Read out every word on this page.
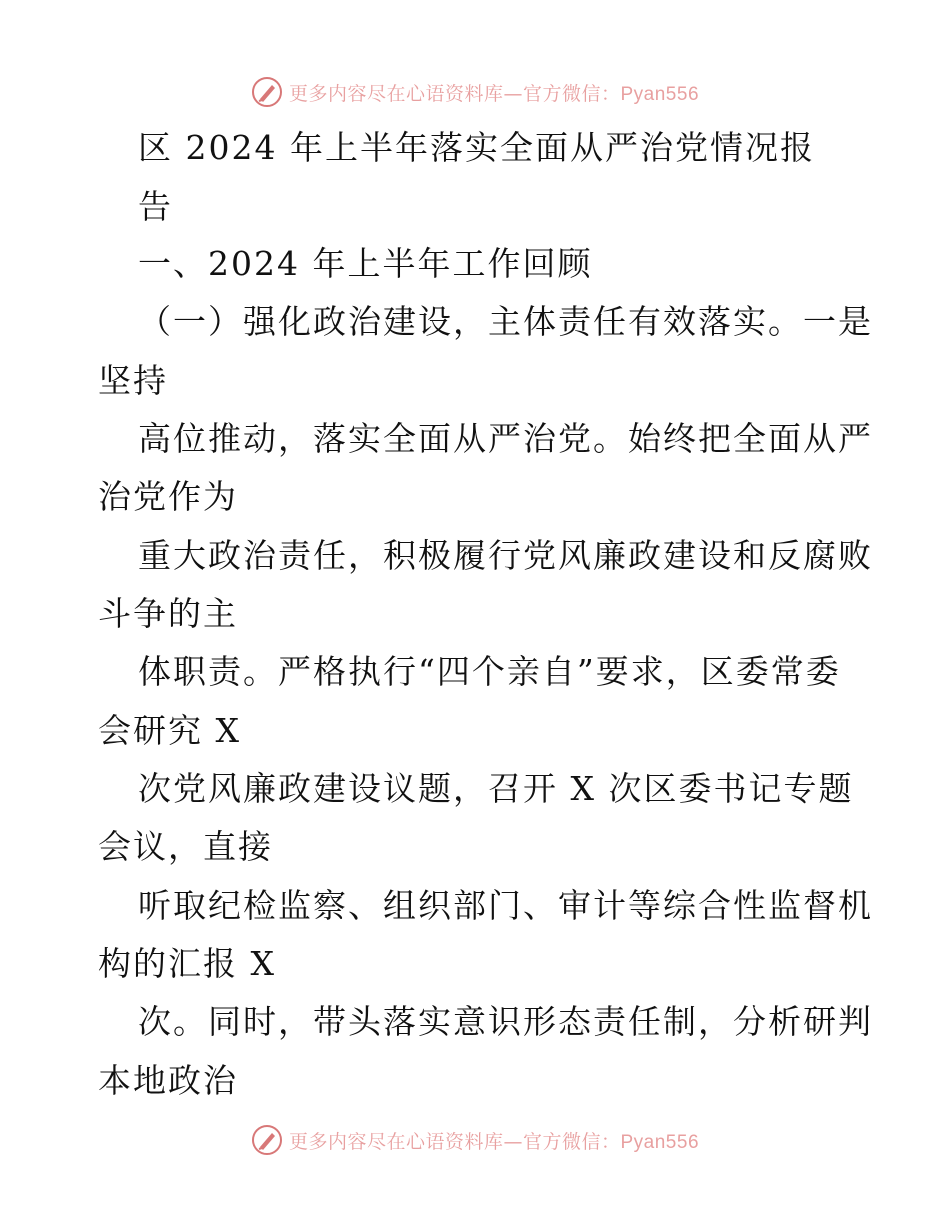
更多内容尽在心语资料库—官方微信：Pyan556
区 2024 年上半年落实全面从严治党情况报
告
一、2024 年上半年工作回顾
（一）强化政治建设，主体责任有效落实。一是
坚持
高位推动，落实全面从严治党。始终把全面从严
治党作为
重大政治责任，积极履行党风廉政建设和反腐败
斗争的主
体职责。严格执行“四个亲自”要求，区委常委
会研究 X
次党风廉政建设议题，召开 X 次区委书记专题
会议，直接
听取纪检监察、组织部门、审计等综合性监督机
构的汇报 X
次。同时，带头落实意识形态责任制，分析研判
本地政治
更多内容尽在心语资料库—官方微信：Pyan556
